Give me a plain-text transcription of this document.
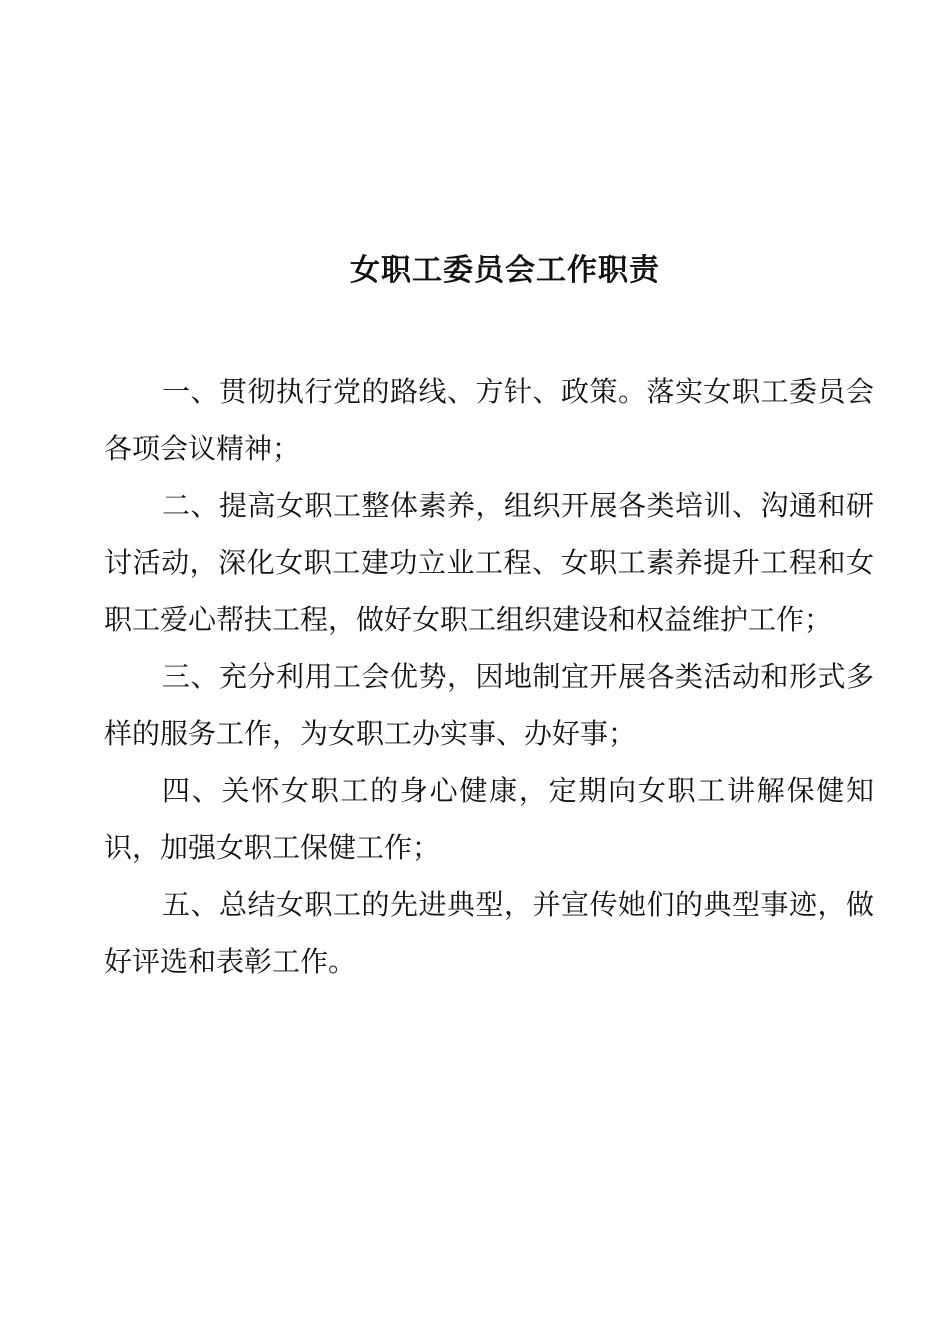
女职工委员会工作职责

一、贯彻执行党的路线、方针、政策。落实女职工委员会各项会议精神；

二、提高女职工整体素养，组织开展各类培训、沟通和研讨活动，深化女职工建功立业工程、女职工素养提升工程和女职工爱心帮扶工程，做好女职工组织建设和权益维护工作；

三、充分利用工会优势，因地制宜开展各类活动和形式多样的服务工作，为女职工办实事、办好事；

四、关怀女职工的身心健康，定期向女职工讲解保健知识，加强女职工保健工作；

五、总结女职工的先进典型，并宣传她们的典型事迹，做好评选和表彰工作。
